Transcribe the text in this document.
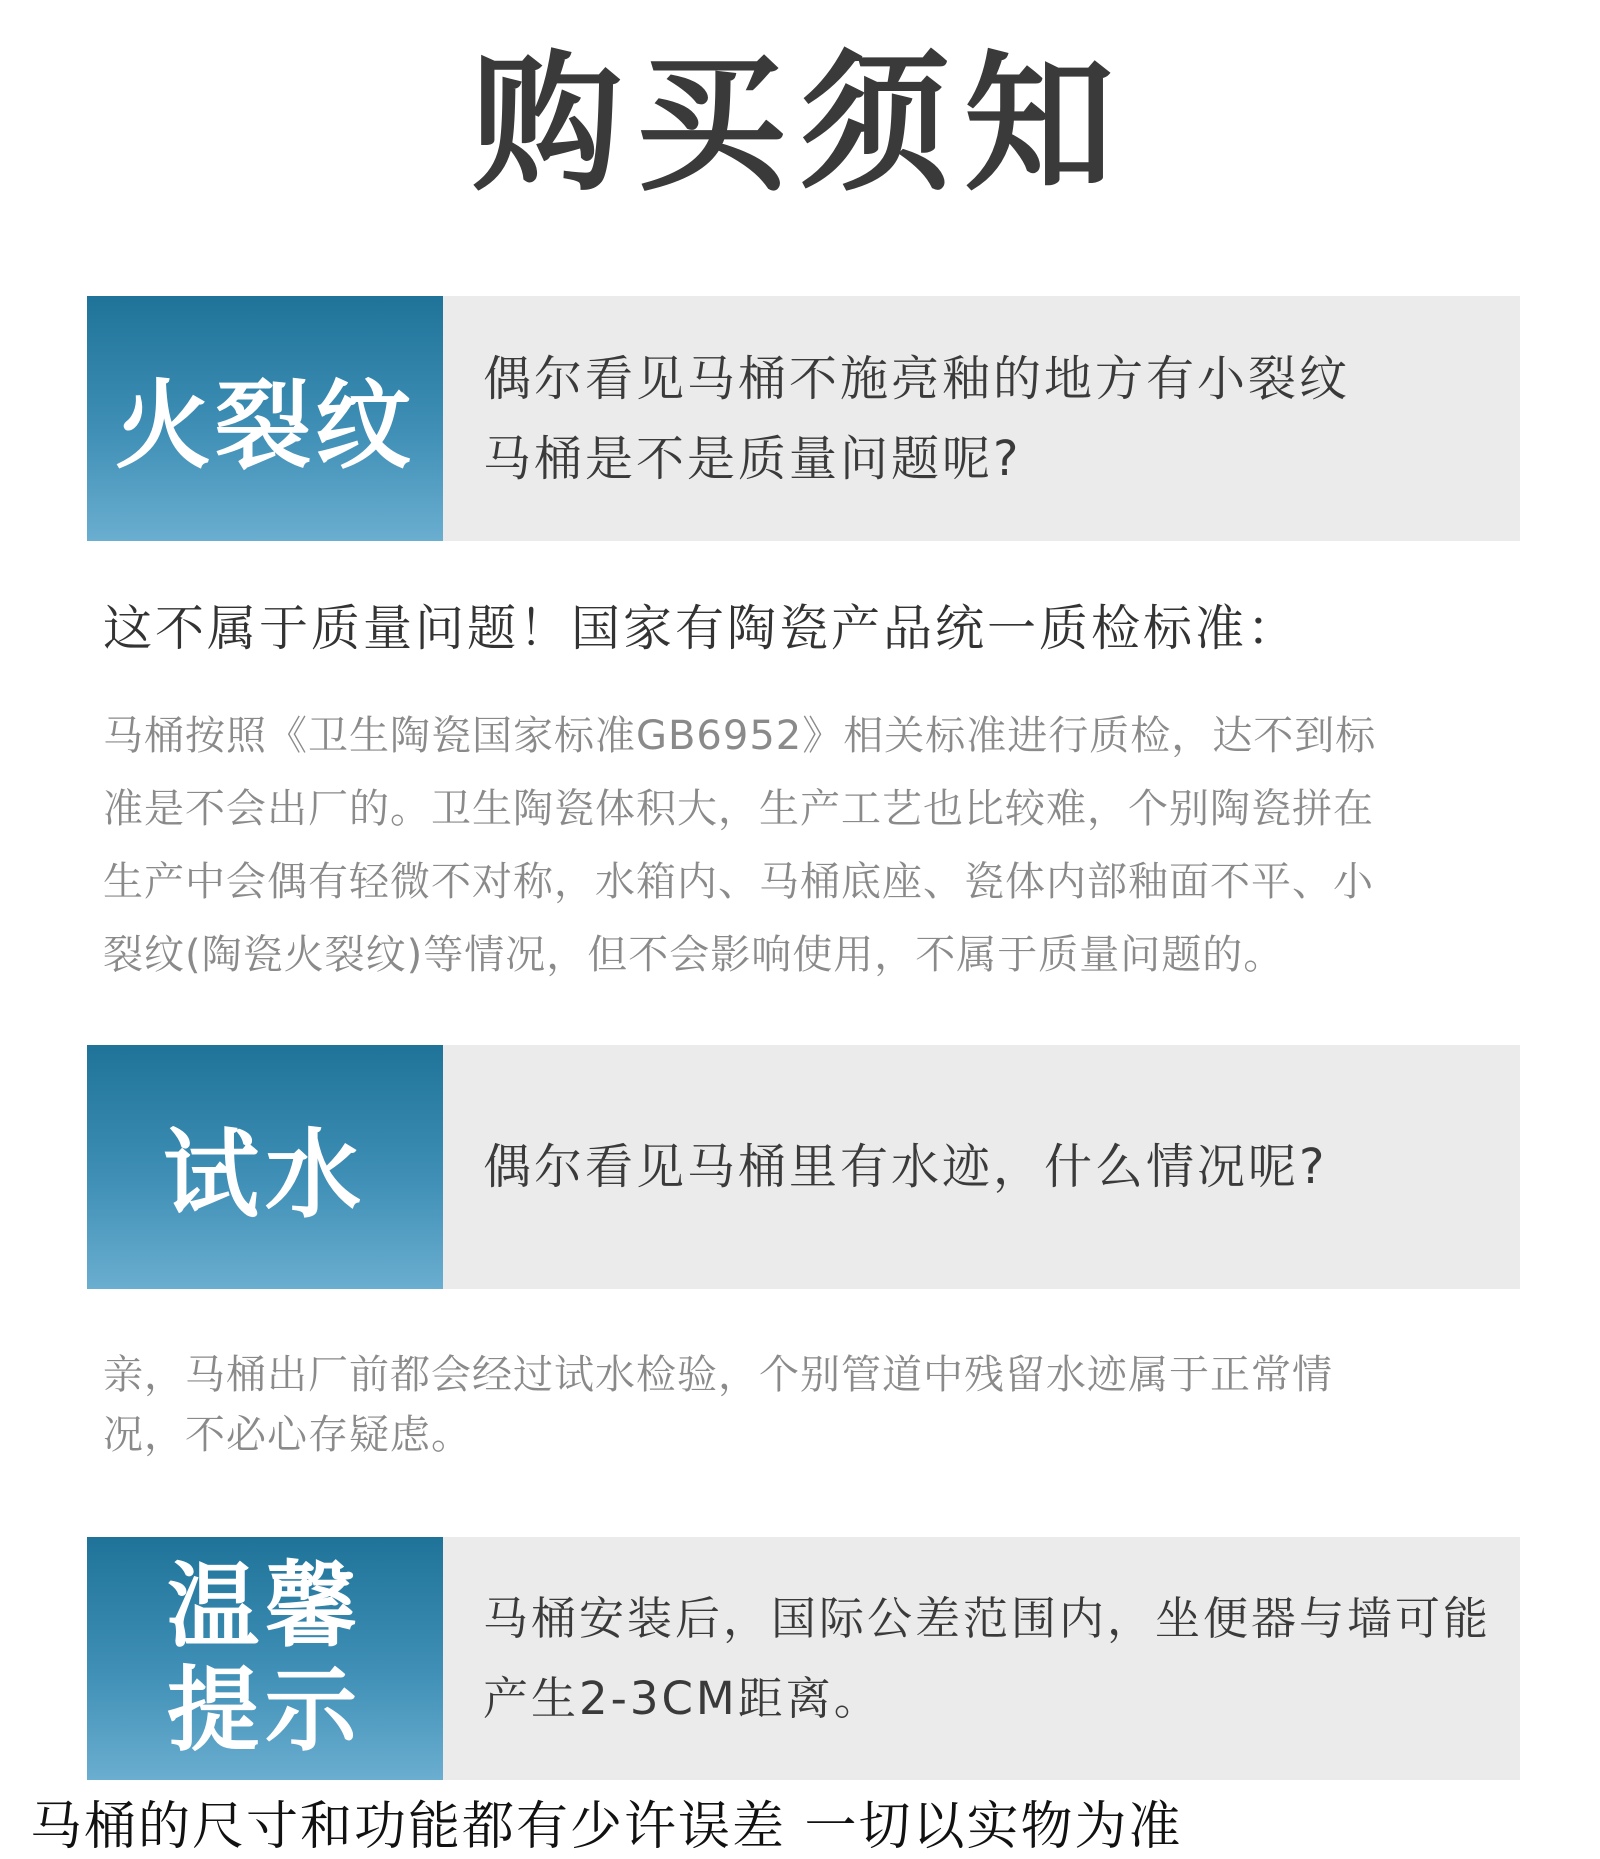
购买须知
火裂纹	偶尔看见马桶不施亮釉的地方有小裂纹
马桶是不是质量问题呢?
这不属于质量问题！国家有陶瓷产品统一质检标准：
马桶按照《卫生陶瓷国家标准GB6952》相关标准进行质检，达不到标
准是不会出厂的。卫生陶瓷体积大，生产工艺也比较难，个别陶瓷拼在
生产中会偶有轻微不对称，水箱内、马桶底座、瓷体内部釉面不平、小
裂纹(陶瓷火裂纹)等情况，但不会影响使用，不属于质量问题的。
试水	偶尔看见马桶里有水迹，什么情况呢?
亲，马桶出厂前都会经过试水检验，个别管道中残留水迹属于正常情
况，不必心存疑虑。
温馨
提示
马桶安装后，国际公差范围内，坐便器与墙可能
产生2-3CM距离。
马桶的尺寸和功能都有少许误差 一切以实物为准
